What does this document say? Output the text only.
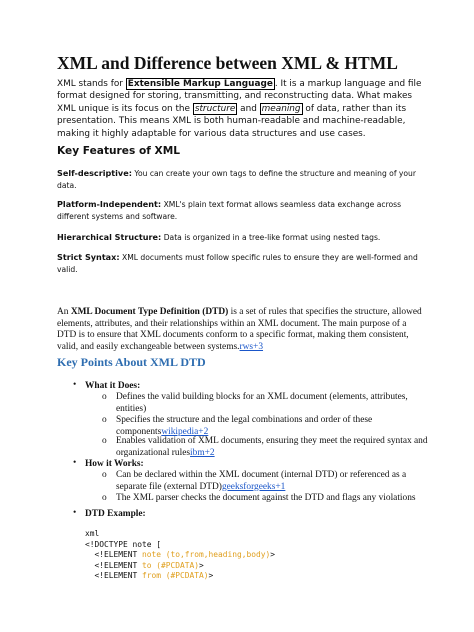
XML and Difference between XML & HTML

XML stands for Extensible Markup Language . It is a markup language and file format designed for storing, transmitting, and reconstructing data. What makes XML unique is its focus on the structure and meaning of data, rather than its presentation. This means XML is both human-readable and machine-readable, making it highly adaptable for various data structures and use cases.

Key Features of XML

Self-descriptive: You can create your own tags to define the structure and meaning of your data.

Platform-Independent: XML's plain text format allows seamless data exchange across different systems and software.

Hierarchical Structure: Data is organized in a tree-like format using nested tags.

Strict Syntax: XML documents must follow specific rules to ensure they are well-formed and valid.

An XML Document Type Definition (DTD) is a set of rules that specifies the structure, allowed elements, attributes, and their relationships within an XML document. The main purpose of a DTD is to ensure that XML documents conform to a specific format, making them consistent, valid, and easily exchangeable between systems.rws+3

Key Points About XML DTD
• What it Does:
o Defines the valid building blocks for an XML document (elements, attributes, entities)
o Specifies the structure and the legal combinations and order of these componentswikipedia+2
o Enables validation of XML documents, ensuring they meet the required syntax and organizational rulesibm+2
• How it Works:
o Can be declared within the XML document (internal DTD) or referenced as a separate file (external DTD)geeksforgeeks+1
o The XML parser checks the document against the DTD and flags any violations
• DTD Example:
xml
<!DOCTYPE note [
<!ELEMENT note (to,from,heading,body)>
<!ELEMENT to (#PCDATA)>
<!ELEMENT from (#PCDATA)>
